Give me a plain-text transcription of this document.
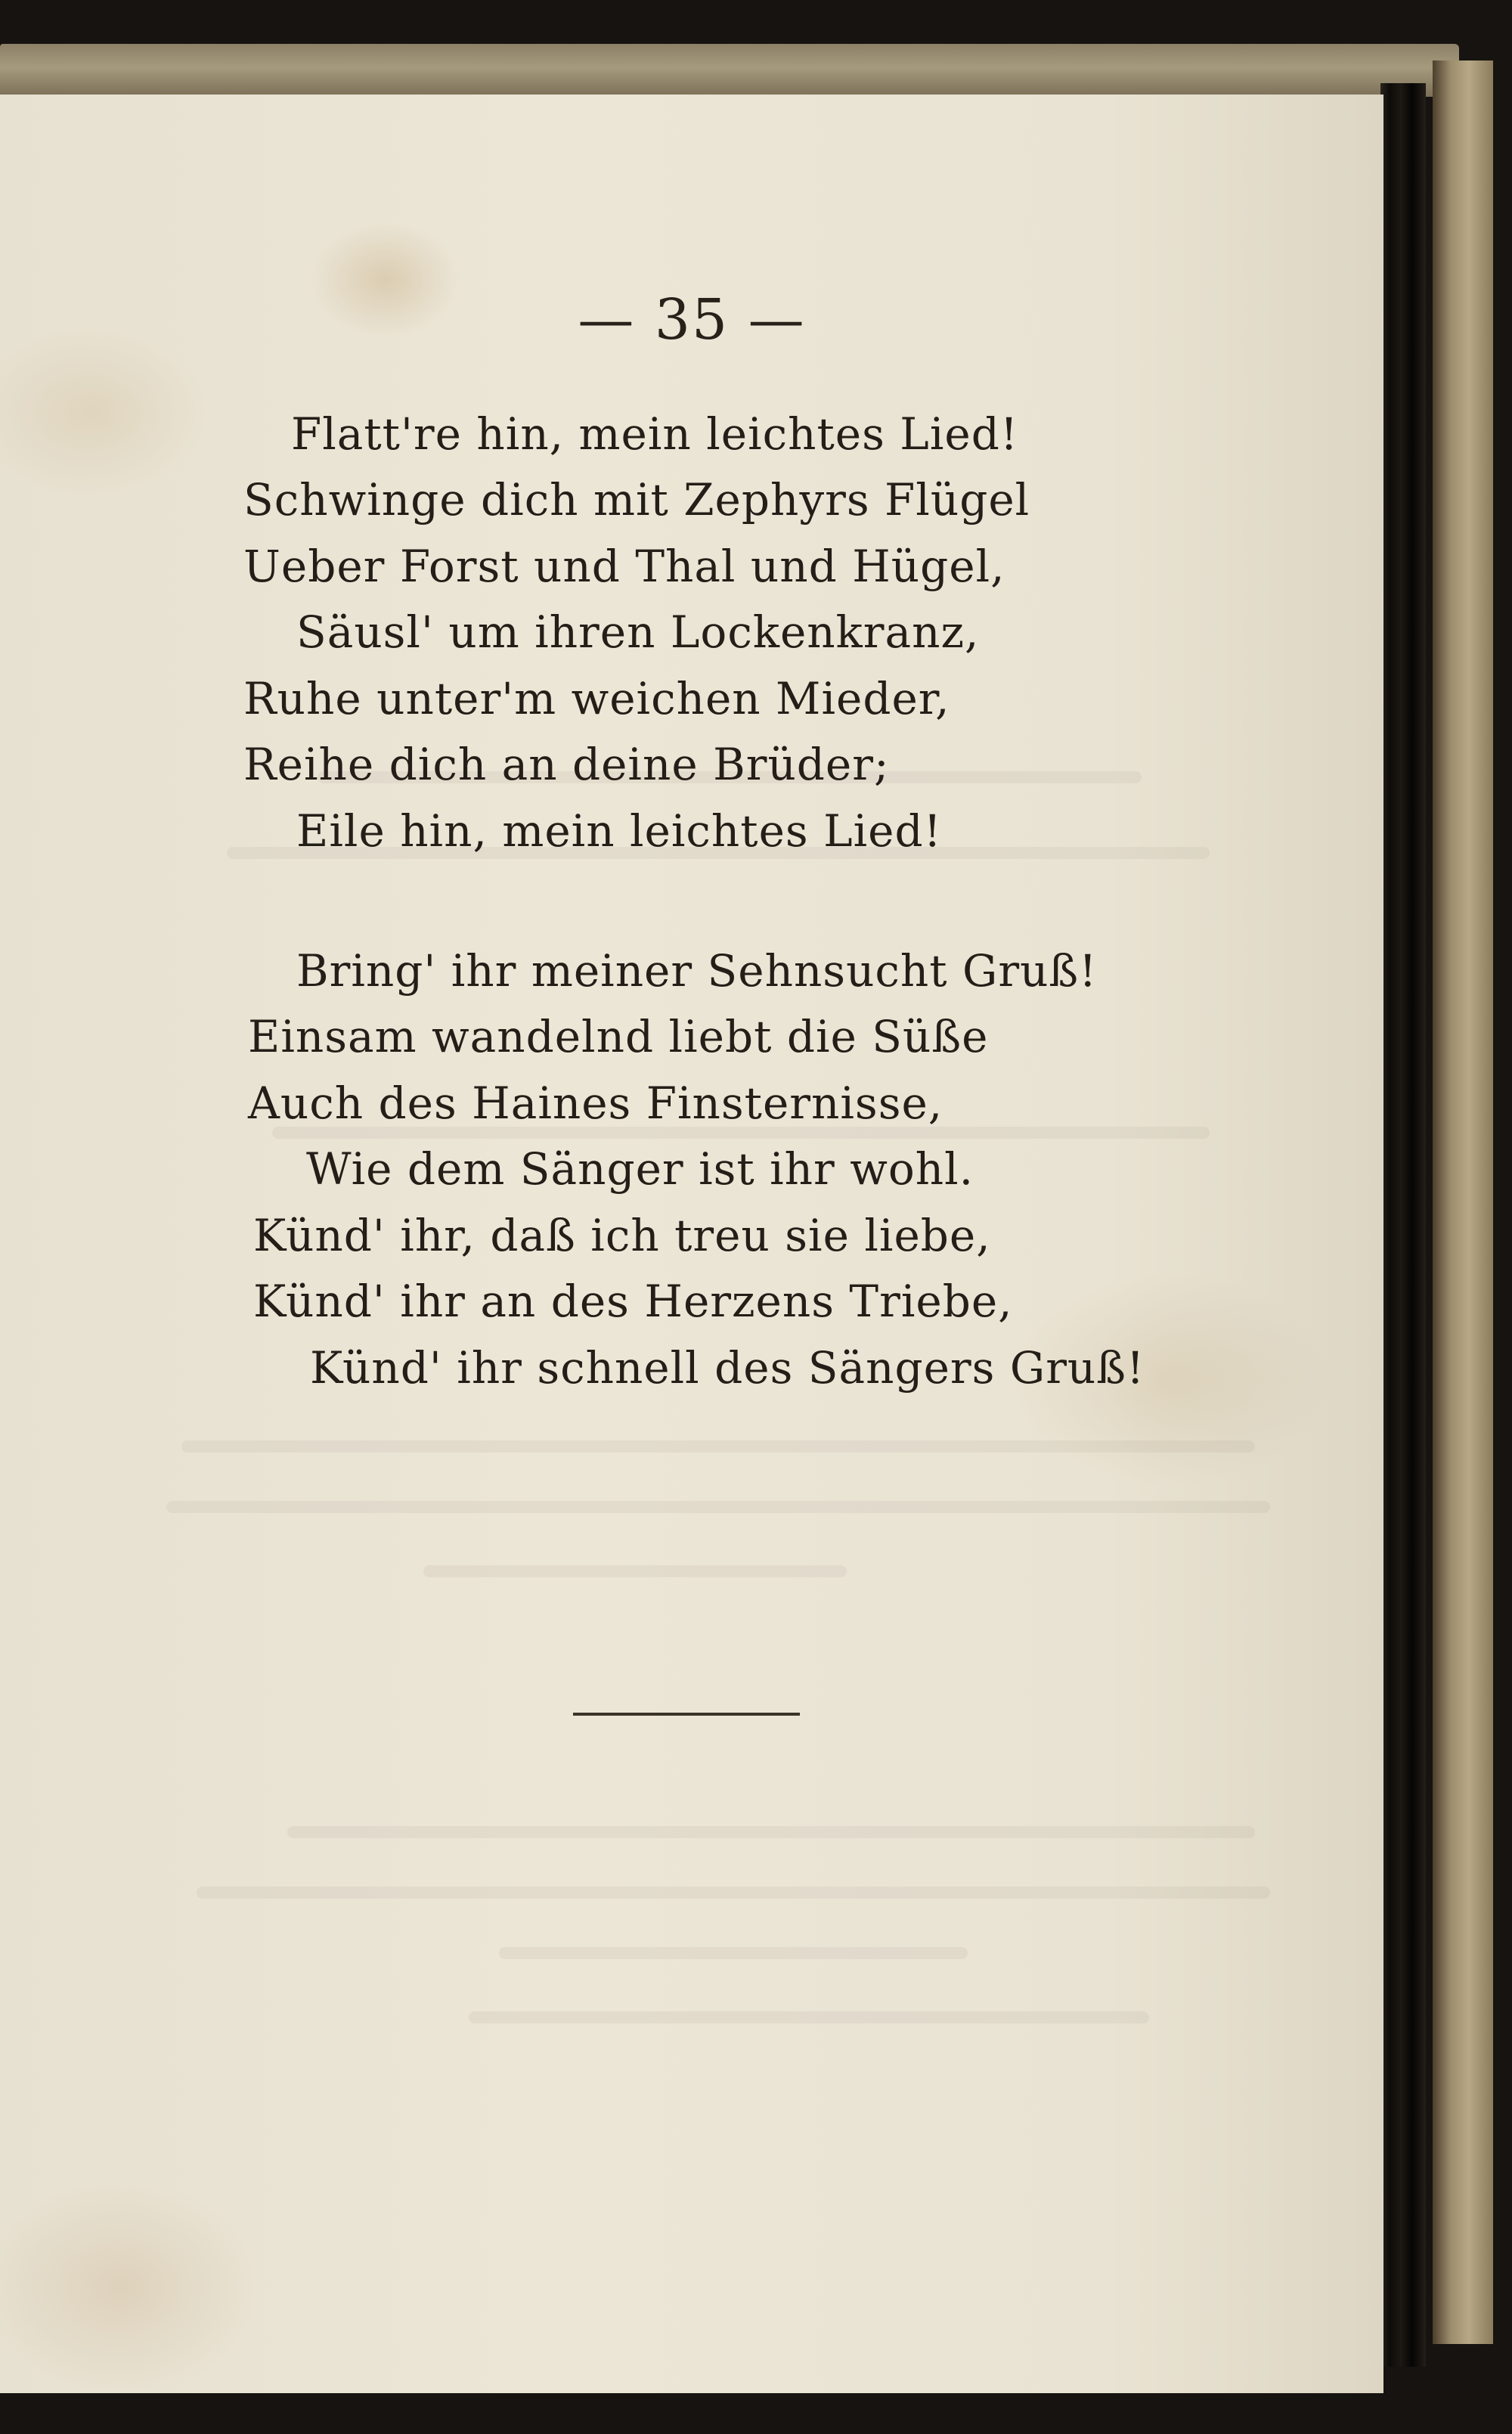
— 35 —
Flatt're hin, mein leichtes Lied!
Schwinge dich mit Zephyrs Flügel
Ueber Forst und Thal und Hügel,
Säusl' um ihren Lockenkranz,
Ruhe unter'm weichen Mieder,
Reihe dich an deine Brüder;
Eile hin, mein leichtes Lied!
Bring' ihr meiner Sehnsucht Gruß!
Einsam wandelnd liebt die Süße
Auch des Haines Finsternisse,
Wie dem Sänger ist ihr wohl.
Künd' ihr, daß ich treu sie liebe,
Künd' ihr an des Herzens Triebe,
Künd' ihr schnell des Sängers Gruß!
